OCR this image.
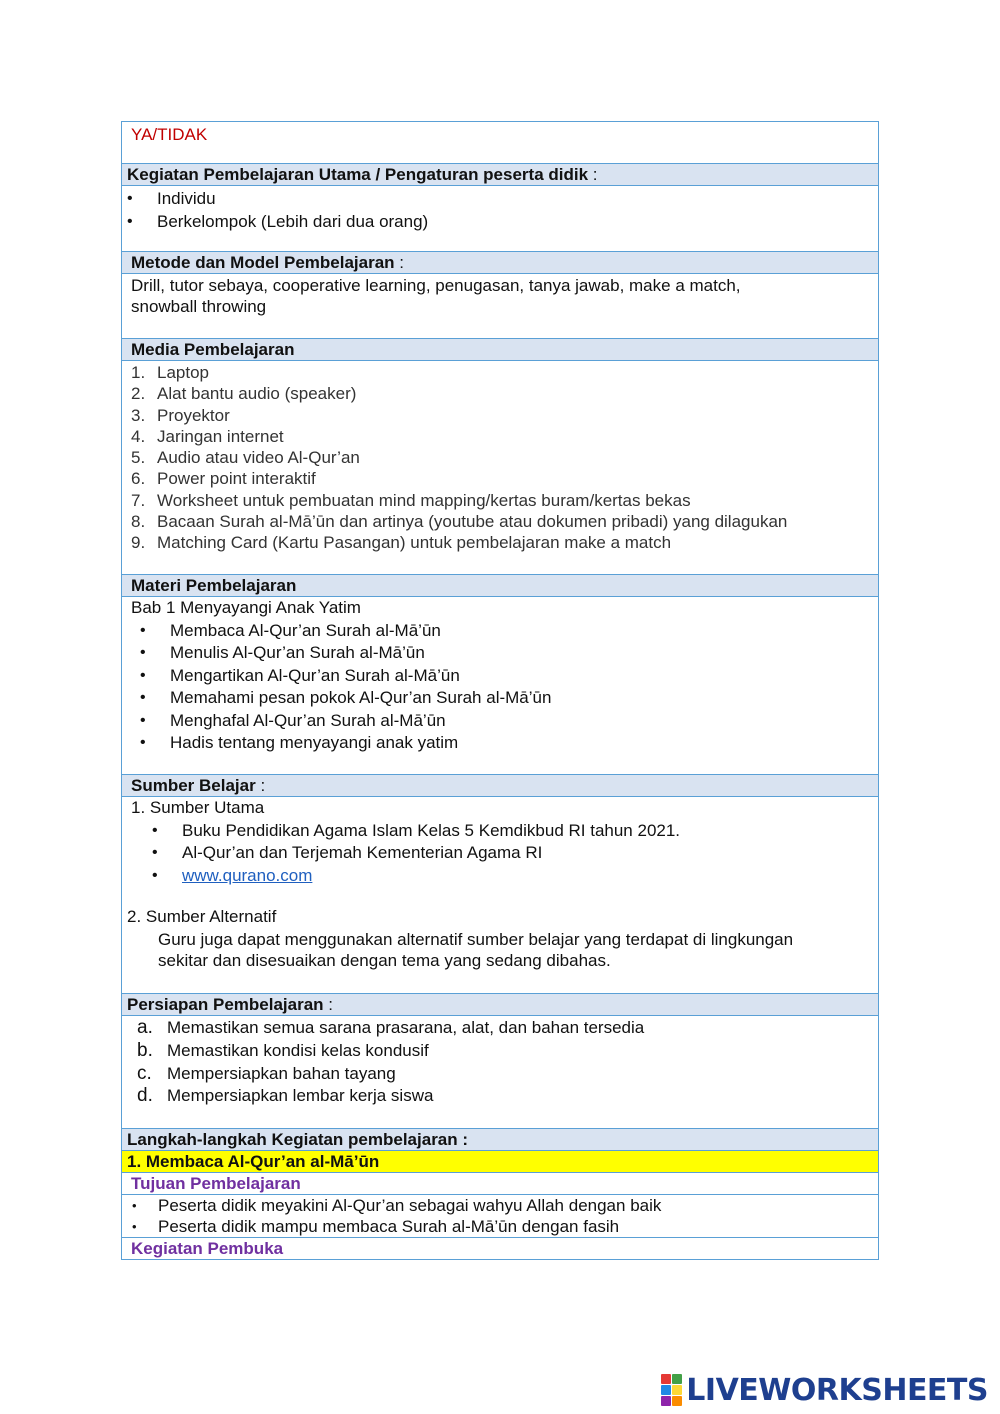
YA/TIDAK
Kegiatan Pembelajaran Utama / Pengaturan peserta didik :
• Individu
• Berkelompok (Lebih dari dua orang)
Metode dan Model Pembelajaran :
Drill, tutor sebaya, cooperative learning, penugasan, tanya jawab, make a match,
snowball throwing
Media Pembelajaran
1. Laptop
2. Alat bantu audio (speaker)
3. Proyektor
4. Jaringan internet
5. Audio atau video Al-Qur’an
6. Power point interaktif
7. Worksheet untuk pembuatan mind mapping/kertas buram/kertas bekas
8. Bacaan Surah al-Mā’ūn dan artinya (youtube atau dokumen pribadi) yang dilagukan
9. Matching Card (Kartu Pasangan) untuk pembelajaran make a match
Materi Pembelajaran
Bab 1 Menyayangi Anak Yatim
• Membaca Al-Qur’an Surah al-Mā’ūn
• Menulis Al-Qur’an Surah al-Mā’ūn
• Mengartikan Al-Qur’an Surah al-Mā’ūn
• Memahami pesan pokok Al-Qur’an Surah al-Mā’ūn
• Menghafal Al-Qur’an Surah al-Mā’ūn
• Hadis tentang menyayangi anak yatim
Sumber Belajar :
1. Sumber Utama
• Buku Pendidikan Agama Islam Kelas 5 Kemdikbud RI tahun 2021.
• Al-Qur’an dan Terjemah Kementerian Agama RI
• www.qurano.com
2. Sumber Alternatif
Guru juga dapat menggunakan alternatif sumber belajar yang terdapat di lingkungan
sekitar dan disesuaikan dengan tema yang sedang dibahas.
Persiapan Pembelajaran :
a. Memastikan semua sarana prasarana, alat, dan bahan tersedia
b. Memastikan kondisi kelas kondusif
c. Mempersiapkan bahan tayang
d. Mempersiapkan lembar kerja siswa
Langkah-langkah Kegiatan pembelajaran :
1. Membaca Al-Qur’an al-Mā’ūn
Tujuan Pembelajaran
• Peserta didik meyakini Al-Qur’an sebagai wahyu Allah dengan baik
• Peserta didik mampu membaca Surah al-Mā’ūn dengan fasih
Kegiatan Pembuka
LIVEWORKSHEETS
